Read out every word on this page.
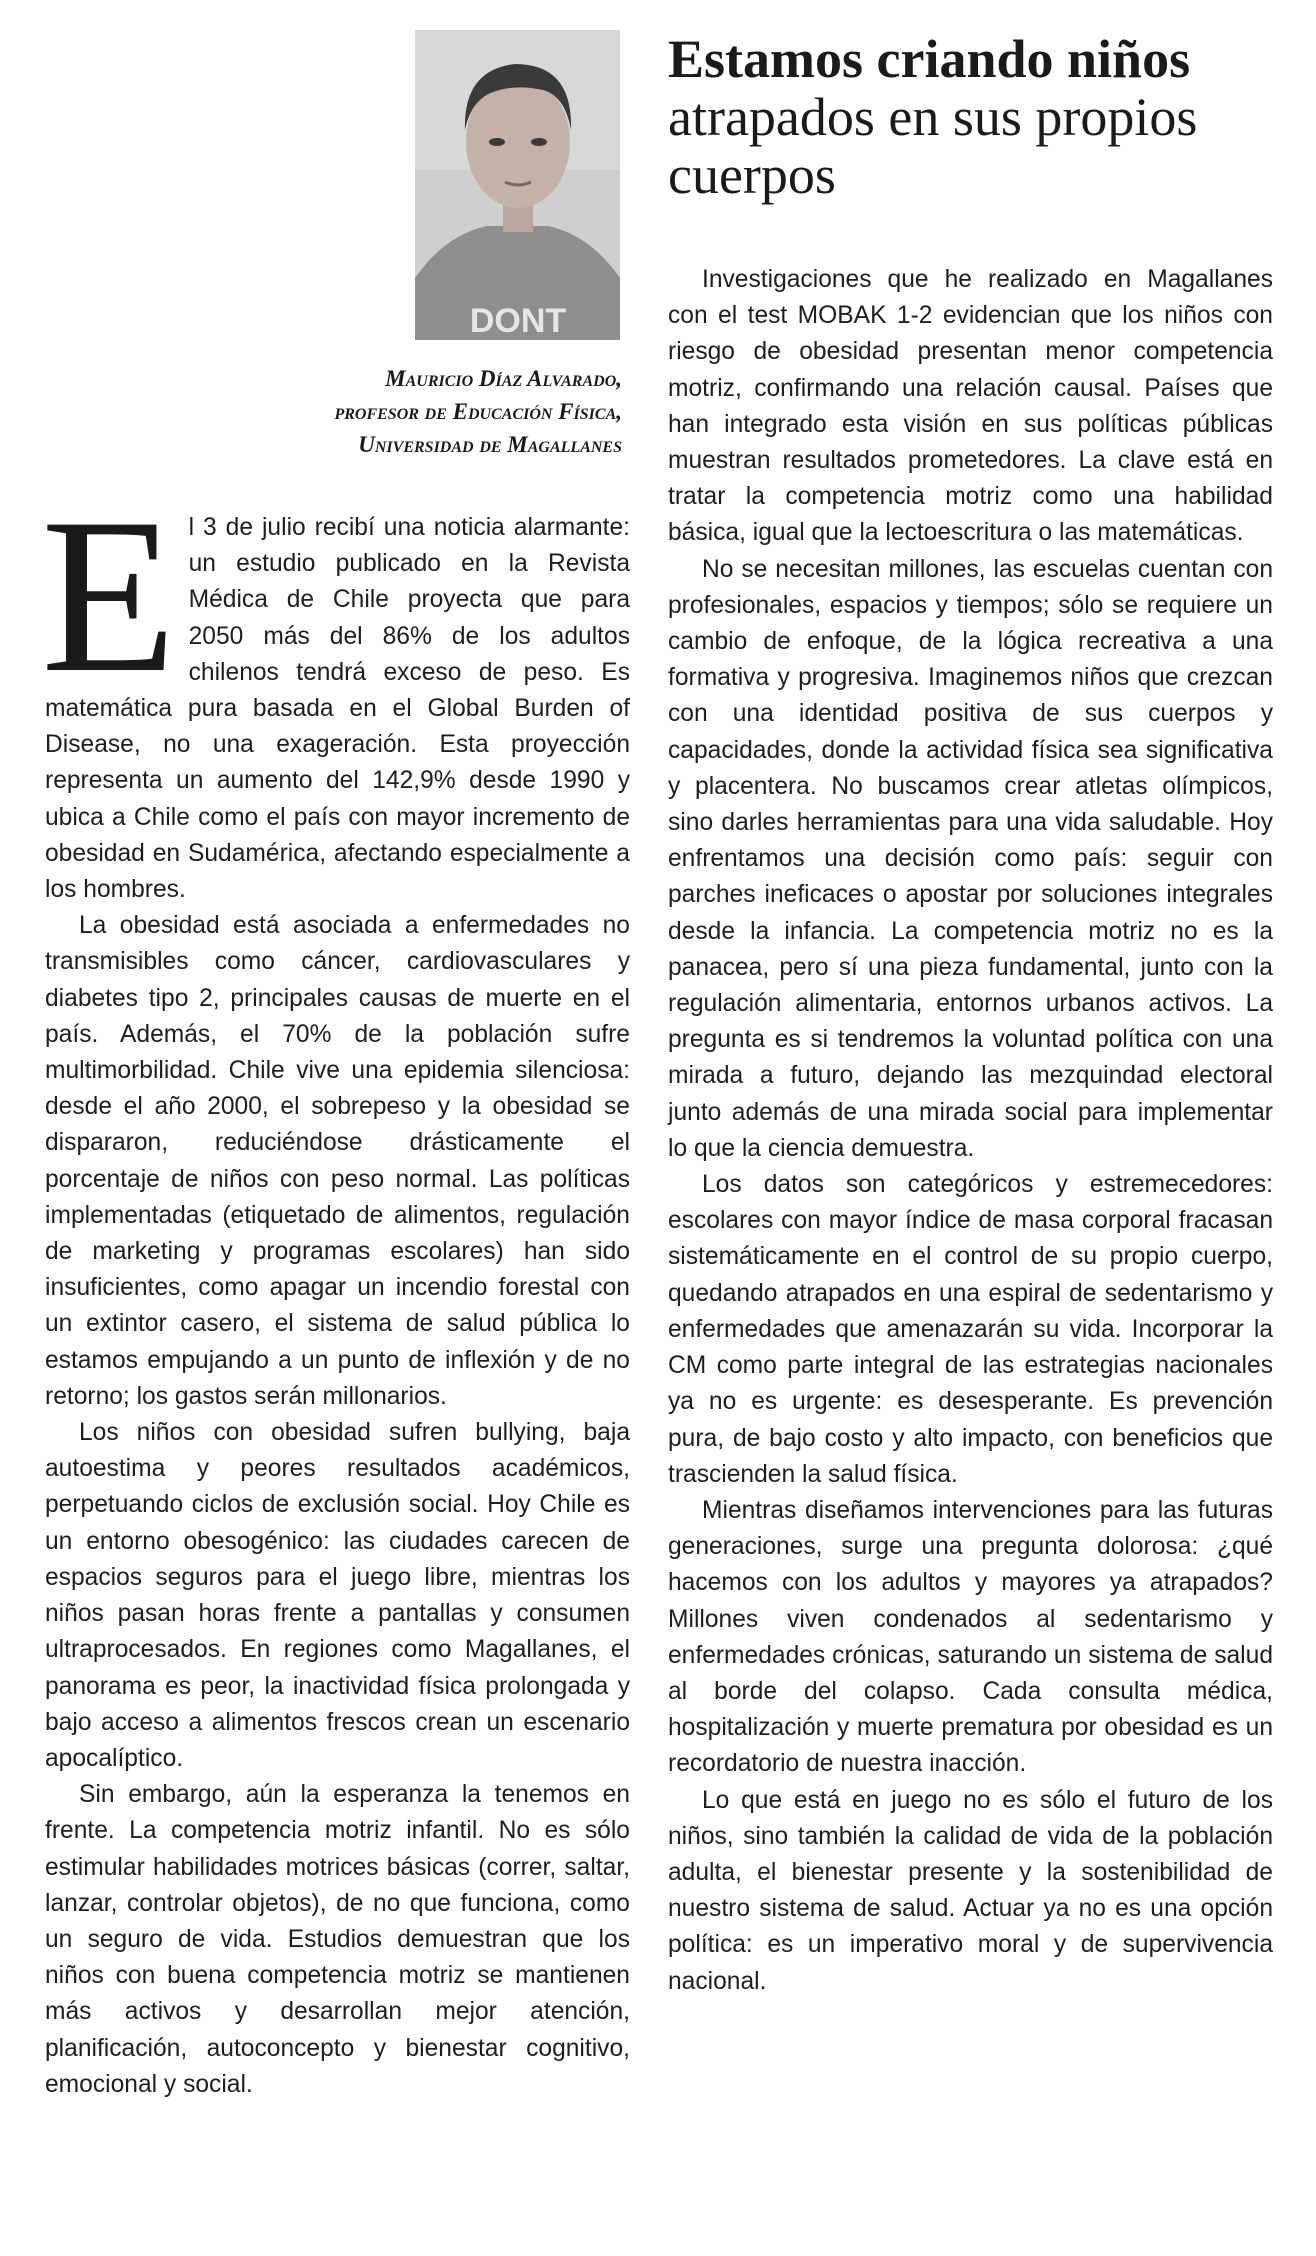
DONT
Mauricio Díaz Alvarado,
profesor de Educación Física,
Universidad de Magallanes
Estamos criando niños atrapados en sus propios cuerpos
E l 3 de julio recibí una noticia alarmante: un estudio publicado en la Revista Médica de Chile proyecta que para 2050 más del 86% de los adultos chilenos tendrá exceso de peso. Es matemática pura basada en el Global Burden of Disease, no una exageración. Esta proyección representa un aumento del 142,9% desde 1990 y ubica a Chile como el país con mayor incremento de obesidad en Sudamérica, afectando especialmente a los hombres.

La obesidad está asociada a enfermedades no transmisibles como cáncer, cardiovasculares y diabetes tipo 2, principales causas de muerte en el país. Además, el 70% de la población sufre multimorbilidad. Chile vive una epidemia silenciosa: desde el año 2000, el sobrepeso y la obesidad se dispararon, reduciéndose drásticamente el porcentaje de niños con peso normal. Las políticas implementadas (etiquetado de alimentos, regulación de marketing y programas escolares) han sido insuficientes, como apagar un incendio forestal con un extintor casero, el sistema de salud pública lo estamos empujando a un punto de inflexión y de no retorno; los gastos serán millonarios.

Los niños con obesidad sufren bullying, baja autoestima y peores resultados académicos, perpetuando ciclos de exclusión social. Hoy Chile es un entorno obesogénico: las ciudades carecen de espacios seguros para el juego libre, mientras los niños pasan horas frente a pantallas y consumen ultraprocesados. En regiones como Magallanes, el panorama es peor, la inactividad física prolongada y bajo acceso a alimentos frescos crean un escenario apocalíptico.

Sin embargo, aún la esperanza la tenemos en frente. La competencia motriz infantil. No es sólo estimular habilidades motrices básicas (correr, saltar, lanzar, controlar objetos), de no que funciona, como un seguro de vida. Estudios demuestran que los niños con buena competencia motriz se mantienen más activos y desarrollan mejor atención, planificación, autoconcepto y bienestar cognitivo, emocional y social.

Investigaciones que he realizado en Magallanes con el test MOBAK 1-2 evidencian que los niños con riesgo de obesidad presentan menor competencia motriz, confirmando una relación causal. Países que han integrado esta visión en sus políticas públicas muestran resultados prometedores. La clave está en tratar la competencia motriz como una habilidad básica, igual que la lectoescritura o las matemáticas.

No se necesitan millones, las escuelas cuentan con profesionales, espacios y tiempos; sólo se requiere un cambio de enfoque, de la lógica recreativa a una formativa y progresiva. Imaginemos niños que crezcan con una identidad positiva de sus cuerpos y capacidades, donde la actividad física sea significativa y placentera. No buscamos crear atletas olímpicos, sino darles herramientas para una vida saludable. Hoy enfrentamos una decisión como país: seguir con parches ineficaces o apostar por soluciones integrales desde la infancia. La competencia motriz no es la panacea, pero sí una pieza fundamental, junto con la regulación alimentaria, entornos urbanos activos. La pregunta es si tendremos la voluntad política con una mirada a futuro, dejando las mezquindad electoral junto además de una mirada social para implementar lo que la ciencia demuestra.

Los datos son categóricos y estremecedores: escolares con mayor índice de masa corporal fracasan sistemáticamente en el control de su propio cuerpo, quedando atrapados en una espiral de sedentarismo y enfermedades que amenazarán su vida. Incorporar la CM como parte integral de las estrategias nacionales ya no es urgente: es desesperante. Es prevención pura, de bajo costo y alto impacto, con beneficios que trascienden la salud física.

Mientras diseñamos intervenciones para las futuras generaciones, surge una pregunta dolorosa: ¿qué hacemos con los adultos y mayores ya atrapados? Millones viven condenados al sedentarismo y enfermedades crónicas, saturando un sistema de salud al borde del colapso. Cada consulta médica, hospitalización y muerte prematura por obesidad es un recordatorio de nuestra inacción.

Lo que está en juego no es sólo el futuro de los niños, sino también la calidad de vida de la población adulta, el bienestar presente y la sostenibilidad de nuestro sistema de salud. Actuar ya no es una opción política: es un imperativo moral y de supervivencia nacional.
